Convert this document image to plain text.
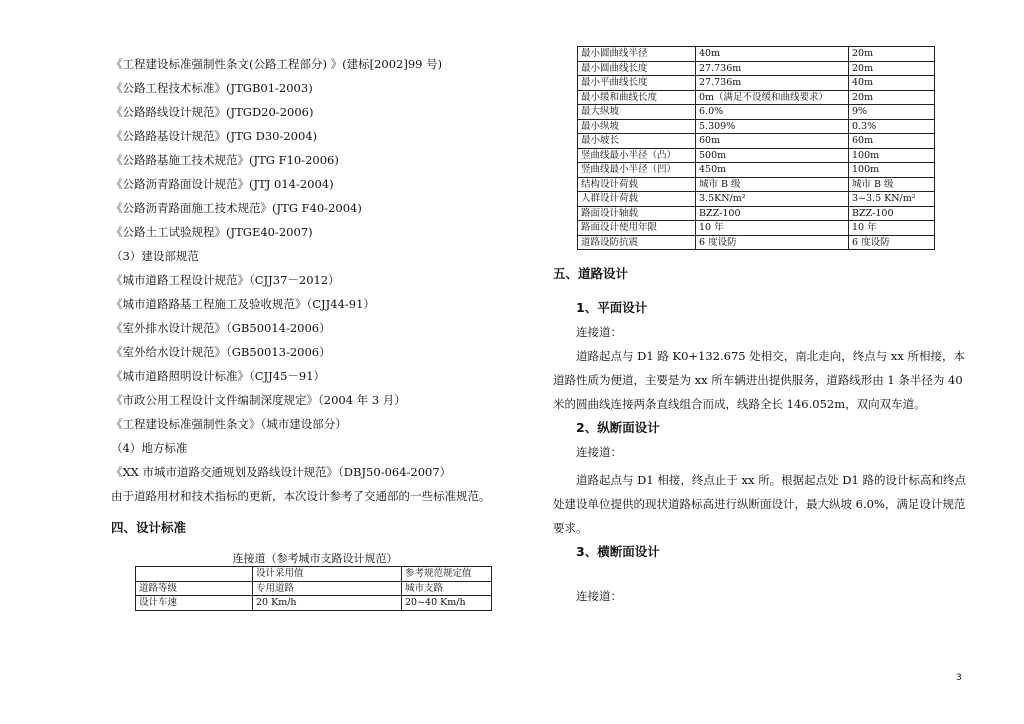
《工程建设标准强制性条文(公路工程部分) 》(建标[2002]99 号)
《公路工程技术标准》(JTGB01-2003)
《公路路线设计规范》(JTGD20-2006)
《公路路基设计规范》(JTG D30-2004)
《公路路基施工技术规范》(JTG F10-2006)
《公路沥青路面设计规范》(JTJ 014-2004)
《公路沥青路面施工技术规范》(JTG F40-2004)
《公路土工试验规程》(JTGE40-2007)
（3）建设部规范
《城市道路工程设计规范》（CJJ37－2012）
《城市道路路基工程施工及验收规范》（CJJ44-91）
《室外排水设计规范》（GB50014-2006）
《室外给水设计规范》（GB50013-2006）
《城市道路照明设计标准》（CJJ45－91）
《市政公用工程设计文件编制深度规定》（2004 年 3 月）
《工程建设标准强制性条文》（城市建设部分）
（4）地方标准
《XX 市城市道路交通规划及路线设计规范》（DBJ50-064-2007）
由于道路用材和技术指标的更新，本次设计参考了交通部的一些标准规范。
四、设计标准
连接道（参考城市支路设计规范）
	设计采用值	参考规范规定值
道路等级	专用道路	城市支路
设计车速	20 Km/h	20~40 Km/h
最小圆曲线半径	40m	20m
最小圆曲线长度	27.736m	20m
最小平曲线长度	27.736m	40m
最小缓和曲线长度	0m（满足不设缓和曲线要求）	20m
最大纵坡	6.0%	9%
最小纵坡	5.309%	0.3%
最小坡长	60m	60m
竖曲线最小半径（凸）	500m	100m
竖曲线最小半径（凹）	450m	100m
结构设计荷载	城市 B 级	城市 B 级
人群设计荷载	3.5KN/m²	3~3.5 KN/m²
路面设计轴载	BZZ-100	BZZ-100
路面设计使用年限	10 年	10 年
道路设防抗震	6 度设防	6 度设防
五、道路设计
1、平面设计
连接道：
道路起点与 D1 路 K0+132.675 处相交，南北走向，终点与 xx 所相接，本道路性质为便道，主要是为 xx 所车辆进出提供服务，道路线形由 1 条半径为 40 米的圆曲线连接两条直线组合而成，线路全长 146.052m，双向双车道。
2、纵断面设计
连接道：
道路起点与 D1 相接，终点止于 xx 所。根据起点处 D1 路的设计标高和终点处建设单位提供的现状道路标高进行纵断面设计，最大纵坡 6.0%，满足设计规范要求。
3、横断面设计
连接道：
3
